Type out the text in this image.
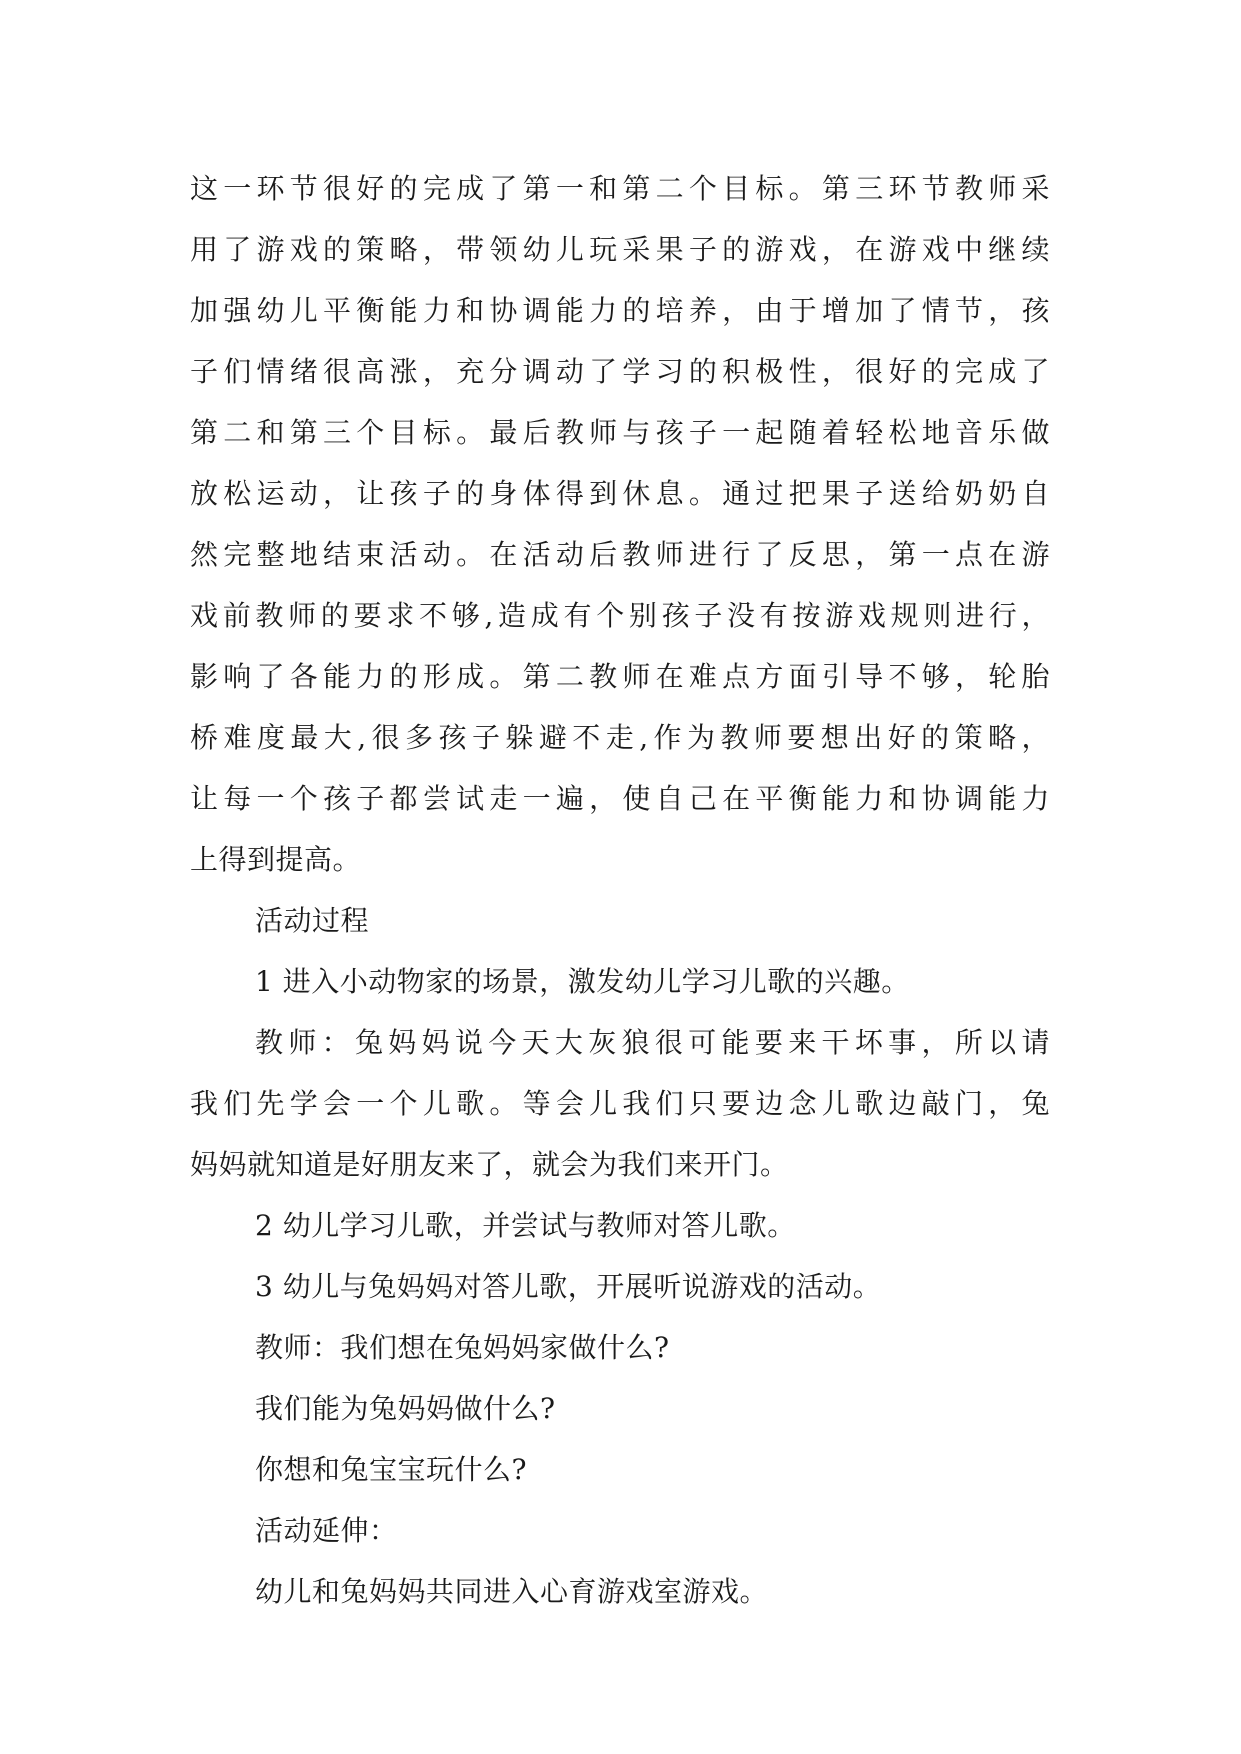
这一环节很好的完成了第一和第二个目标。第三环节教师采
用了游戏的策略，带领幼儿玩采果子的游戏，在游戏中继续
加强幼儿平衡能力和协调能力的培养，由于增加了情节，孩
子们情绪很高涨，充分调动了学习的积极性，很好的完成了
第二和第三个目标。最后教师与孩子一起随着轻松地音乐做
放松运动，让孩子的身体得到休息。通过把果子送给奶奶自
然完整地结束活动。在活动后教师进行了反思，第一点在游
戏前教师的要求不够,造成有个别孩子没有按游戏规则进行，
影响了各能力的形成。第二教师在难点方面引导不够，轮胎
桥难度最大,很多孩子躲避不走,作为教师要想出好的策略，
让每一个孩子都尝试走一遍，使自己在平衡能力和协调能力
上得到提高。
活动过程
1 进入小动物家的场景，激发幼儿学习儿歌的兴趣。
教师：兔妈妈说今天大灰狼很可能要来干坏事，所以请
我们先学会一个儿歌。等会儿我们只要边念儿歌边敲门，兔
妈妈就知道是好朋友来了，就会为我们来开门。
2 幼儿学习儿歌，并尝试与教师对答儿歌。
3 幼儿与兔妈妈对答儿歌，开展听说游戏的活动。
教师：我们想在兔妈妈家做什么?
我们能为兔妈妈做什么?
你想和兔宝宝玩什么?
活动延伸：
幼儿和兔妈妈共同进入心育游戏室游戏。
